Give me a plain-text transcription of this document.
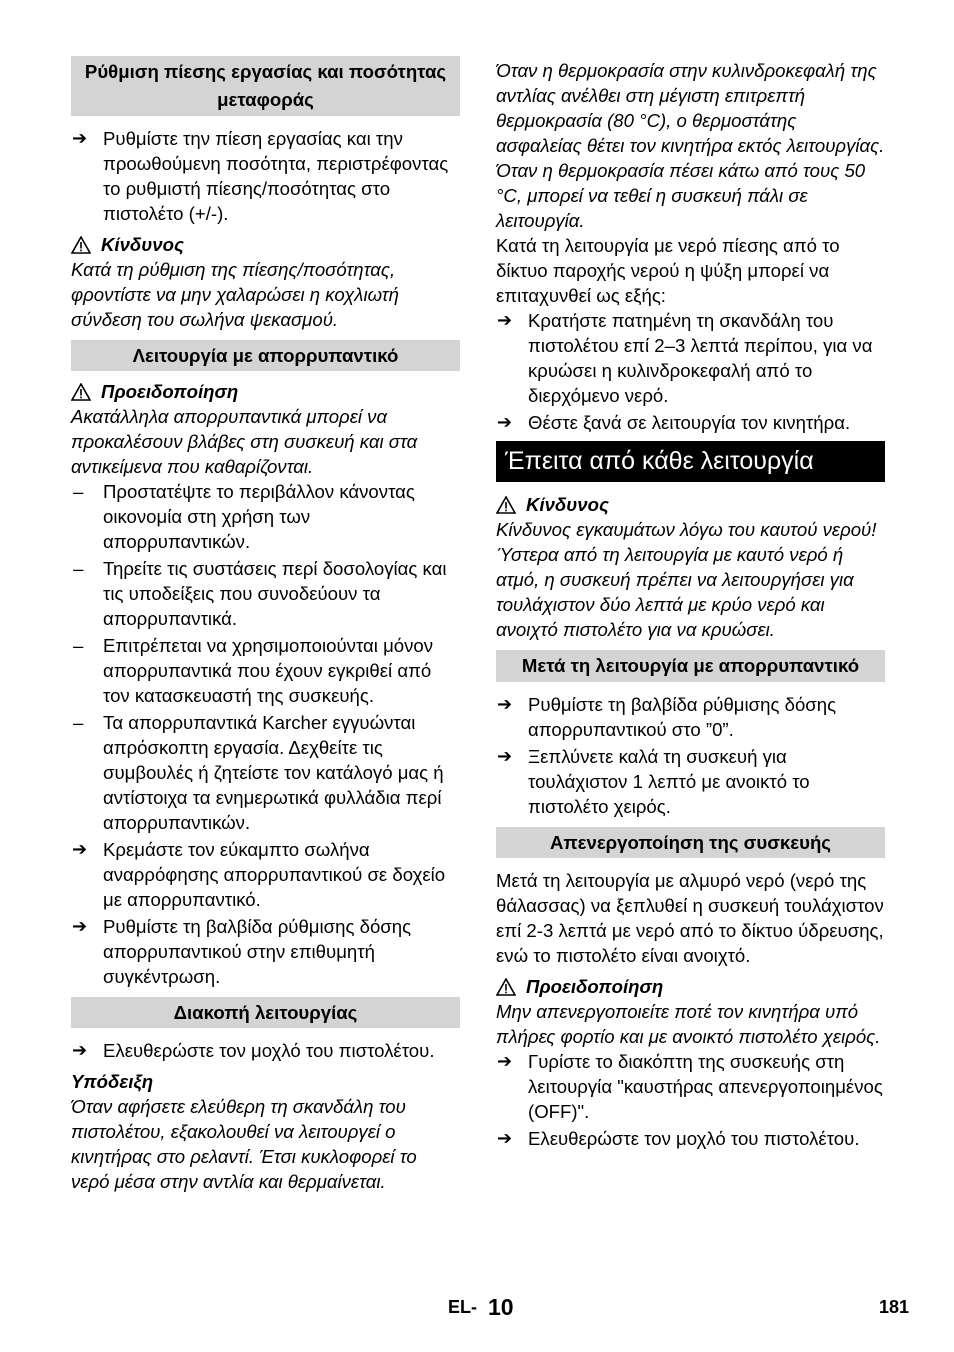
Ρύθμιση πίεσης εργασίας και ποσότητας μεταφοράς
➔ Ρυθμίστε την πίεση εργασίας και την προωθούμενη ποσότητα, περιστρέφοντας το ρυθμιστή πίεσης/ποσότητας στο πιστολέτο (+/-).
Κίνδυνος

Κατά τη ρύθμιση της πίεσης/ποσότητας, φροντίστε να μην χαλαρώσει η κοχλιωτή σύνδεση του σωλήνα ψεκασμού.

Λειτουργία με απορρυπαντικό
Προειδοποίηση

Ακατάλληλα απορρυπαντικά μπορεί να προκαλέσουν βλάβες στη συσκευή και στα αντικείμενα που καθαρίζονται.

–	Προστατέψτε το περιβάλλον κάνοντας οικονομία στη χρήση των απορρυπαντικών.
–	Τηρείτε τις συστάσεις περί δοσολογίας και τις υποδείξεις που συνοδεύουν τα απορρυπαντικά.
–	Επιτρέπεται να χρησιμοποιούνται μόνον απορρυπαντικά που έχουν εγκριθεί από τον κατασκευαστή της συσκευής.
–	Τα απορρυπαντικά Karcher εγγυώνται απρόσκοπτη εργασία. Δεχθείτε τις συμβουλές ή ζητείστε τον κατάλογό μας ή αντίστοιχα τα ενημερωτικά φυλλάδια περί απορρυπαντικών.
➔ Κρεμάστε τον εύκαμπτο σωλήνα αναρρόφησης απορρυπαντικού σε δοχείο με απορρυπαντικό.
➔ Ρυθμίστε τη βαλβίδα ρύθμισης δόσης απορρυπαντικού στην επιθυμητή συγκέντρωση.
Διακοπή λειτουργίας
➔ Ελευθερώστε τον μοχλό του πιστολέτου.

Υπόδειξη

Όταν αφήσετε ελεύθερη τη σκανδάλη του πιστολέτου, εξακολουθεί να λειτουργεί ο κινητήρας στο ρελαντί. Έτσι κυκλοφορεί το νερό μέσα στην αντλία και θερμαίνεται.

Όταν η θερμοκρασία στην κυλινδροκεφαλή της αντλίας ανέλθει στη μέγιστη επιτρεπτή θερμοκρασία (80 °C), ο θερμοστάτης ασφαλείας θέτει τον κινητήρα εκτός λειτουργίας. Όταν η θερμοκρασία πέσει κάτω από τους 50 °C, μπορεί να τεθεί η συσκευή πάλι σε λειτουργία.

Κατά τη λειτουργία με νερό πίεσης από το δίκτυο παροχής νερού η ψύξη μπορεί να επιταχυνθεί ως εξής:

➔ Κρατήστε πατημένη τη σκανδάλη του πιστολέτου επί 2–3 λεπτά περίπου, για να κρυώσει η κυλινδροκεφαλή από το διερχόμενο νερό.
➔ Θέστε ξανά σε λειτουργία τον κινητήρα.
Έπειτα από κάθε λειτουργία
Κίνδυνος

Κίνδυνος εγκαυμάτων λόγω του καυτού νερού! Ύστερα από τη λειτουργία με καυτό νερό ή ατμό, η συσκευή πρέπει να λειτουργήσει για τουλάχιστον δύο λεπτά με κρύο νερό και ανοιχτό πιστολέτο για να κρυώσει.

Μετά τη λειτουργία με απορρυπαντικό
➔ Ρυθμίστε τη βαλβίδα ρύθμισης δόσης απορρυπαντικού στο ”0”.
➔ Ξεπλύνετε καλά τη συσκευή για τουλάχιστον 1 λεπτό με ανοικτό το πιστολέτο χειρός.
Απενεργοποίηση της συσκευής

Μετά τη λειτουργία με αλμυρό νερό (νερό της θάλασσας) να ξεπλυθεί η συσκευή τουλάχιστον επί 2-3 λεπτά με νερό από το δίκτυο ύδρευσης, ενώ το πιστολέτο είναι ανοιχτό.

Προειδοποίηση

Μην απενεργοποιείτε ποτέ τον κινητήρα υπό πλήρες φορτίο και με ανοικτό πιστολέτο χειρός.

➔ Γυρίστε το διακόπτη της συσκευής στη λειτουργία "καυστήρας απενεργοποιημένος (OFF)".
➔ Ελευθερώστε τον μοχλό του πιστολέτου.
EL- 10	181
